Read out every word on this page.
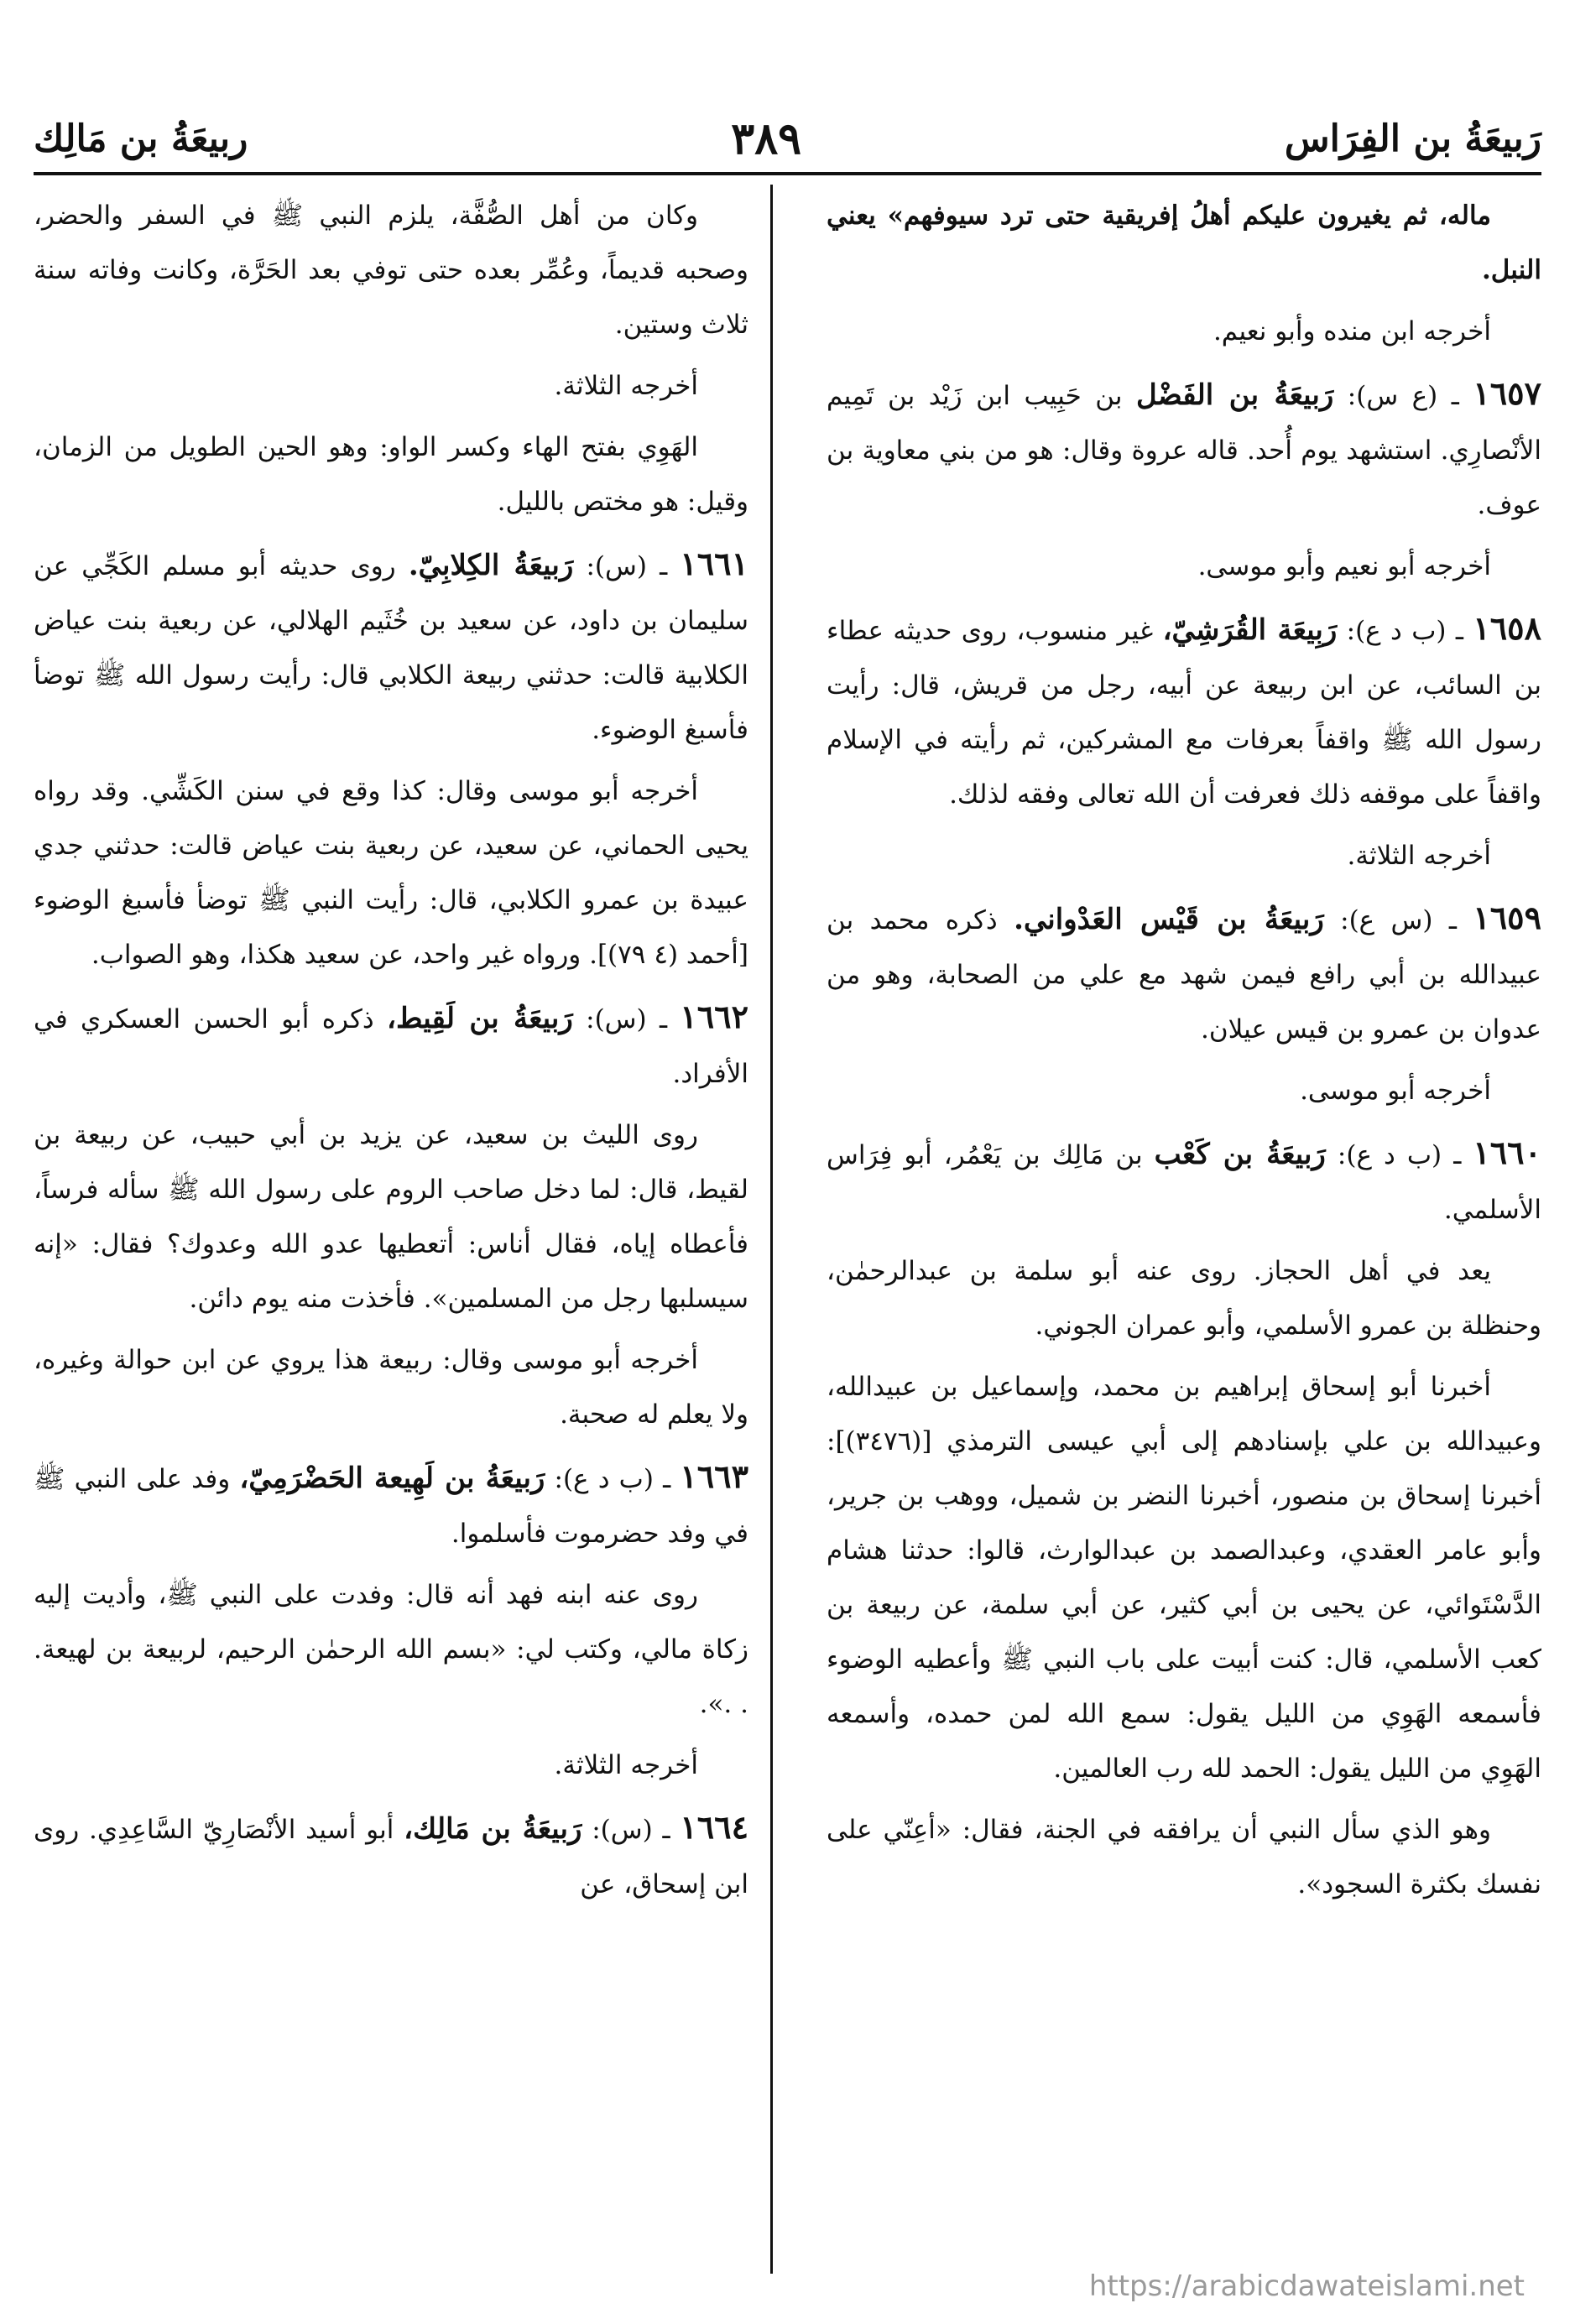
ربيعَةُ بن مَالِك	٣٨٩	رَبيعَةُ بن الفِرَاس

ماله، ثم يغيرون عليكم أهلُ إفريقية حتى ترد سيوفهم» يعني النبل.

أخرجه ابن منده وأبو نعيم.

١٦٥٧ ـ (ع س): رَبيعَةُ بن الفَضْل بن حَبِيب ابن زَيْد بن تَمِيم الأنْصارِي. استشهد يوم أُحد. قاله عروة وقال: هو من بني معاوية بن عوف.

أخرجه أبو نعيم وأبو موسى.

١٦٥٨ ـ (ب د ع): رَبِيعَة القُرَشِيّ، غير منسوب، روى حديثه عطاء بن السائب، عن ابن ربيعة عن أبيه، رجل من قريش، قال: رأيت رسول الله ﷺ واقفاً بعرفات مع المشركين، ثم رأيته في الإسلام واقفاً على موقفه ذلك فعرفت أن الله تعالى وفقه لذلك.

أخرجه الثلاثة.

١٦٥٩ ـ (س ع): رَبيعَةُ بن قَيْس العَدْواني. ذكره محمد بن عبيدالله بن أبي رافع فيمن شهد مع علي من الصحابة، وهو من عدوان بن عمرو بن قيس عيلان.

أخرجه أبو موسى.

١٦٦٠ ـ (ب د ع): رَبيعَةُ بن كَعْب بن مَالِك بن يَعْمُر، أبو فِرَاس الأسلمي.

يعد في أهل الحجاز. روى عنه أبو سلمة بن عبدالرحمٰن، وحنظلة بن عمرو الأسلمي، وأبو عمران الجوني.

أخبرنا أبو إسحاق إبراهيم بن محمد، وإسماعيل بن عبيدالله، وعبيدالله بن علي بإسنادهم إلى أبي عيسى الترمذي [(٣٤٧٦)]: أخبرنا إسحاق بن منصور، أخبرنا النضر بن شميل، ووهب بن جرير، وأبو عامر العقدي، وعبدالصمد بن عبدالوارث، قالوا: حدثنا هشام الدَّسْتَوائي، عن يحيى بن أبي كثير، عن أبي سلمة، عن ربيعة بن كعب الأسلمي، قال: كنت أبيت على باب النبي ﷺ وأعطيه الوضوء فأسمعه الهَوِي من الليل يقول: سمع الله لمن حمده، وأسمعه الهَوِي من الليل يقول: الحمد لله رب العالمين.

وهو الذي سأل النبي أن يرافقه في الجنة، فقال: «أعِنّي على نفسك بكثرة السجود».

وكان من أهل الصُّفَّة، يلزم النبي ﷺ في السفر والحضر، وصحبه قديماً، وعُمِّر بعده حتى توفي بعد الحَرَّة، وكانت وفاته سنة ثلاث وستين.

أخرجه الثلاثة.

الهَوِي بفتح الهاء وكسر الواو: وهو الحين الطويل من الزمان، وقيل: هو مختص بالليل.

١٦٦١ ـ (س): رَبيعَةُ الكِلابِيّ. روى حديثه أبو مسلم الكَجِّي عن سليمان بن داود، عن سعيد بن خُثَيم الهلالي، عن ربعية بنت عياض الكلابية قالت: حدثني ربيعة الكلابي قال: رأيت رسول الله ﷺ توضأ فأسبغ الوضوء.

أخرجه أبو موسى وقال: كذا وقع في سنن الكَشِّي. وقد رواه يحيى الحماني، عن سعيد، عن ربعية بنت عياض قالت: حدثني جدي عبيدة بن عمرو الكلابي، قال: رأيت النبي ﷺ توضأ فأسبغ الوضوء [أحمد (٤ ٧٩)]. ورواه غير واحد، عن سعيد هكذا، وهو الصواب.

١٦٦٢ ـ (س): رَبيعَةُ بن لَقِيط، ذكره أبو الحسن العسكري في الأفراد.

روى الليث بن سعيد، عن يزيد بن أبي حبيب، عن ربيعة بن لقيط، قال: لما دخل صاحب الروم على رسول الله ﷺ سأله فرساً، فأعطاه إياه، فقال أناس: أتعطيها عدو الله وعدوك؟ فقال: «إنه سيسلبها رجل من المسلمين». فأخذت منه يوم دائن.

أخرجه أبو موسى وقال: ربيعة هذا يروي عن ابن حوالة وغيره، ولا يعلم له صحبة.

١٦٦٣ ـ (ب د ع): رَبيعَةُ بن لَهِيعة الحَضْرَمِيّ، وفد على النبي ﷺ في وفد حضرموت فأسلموا.

روى عنه ابنه فهد أنه قال: وفدت على النبي ﷺ، وأديت إليه زكاة مالي، وكتب لي: «بسم الله الرحمٰن الرحيم، لربيعة بن لهيعة. . .».

أخرجه الثلاثة.

١٦٦٤ ـ (س): رَبيعَةُ بن مَالِك، أبو أسيد الأنْصَارِيّ السَّاعِدِي. روى ابن إسحاق، عن

https://arabicdawateislami.net
